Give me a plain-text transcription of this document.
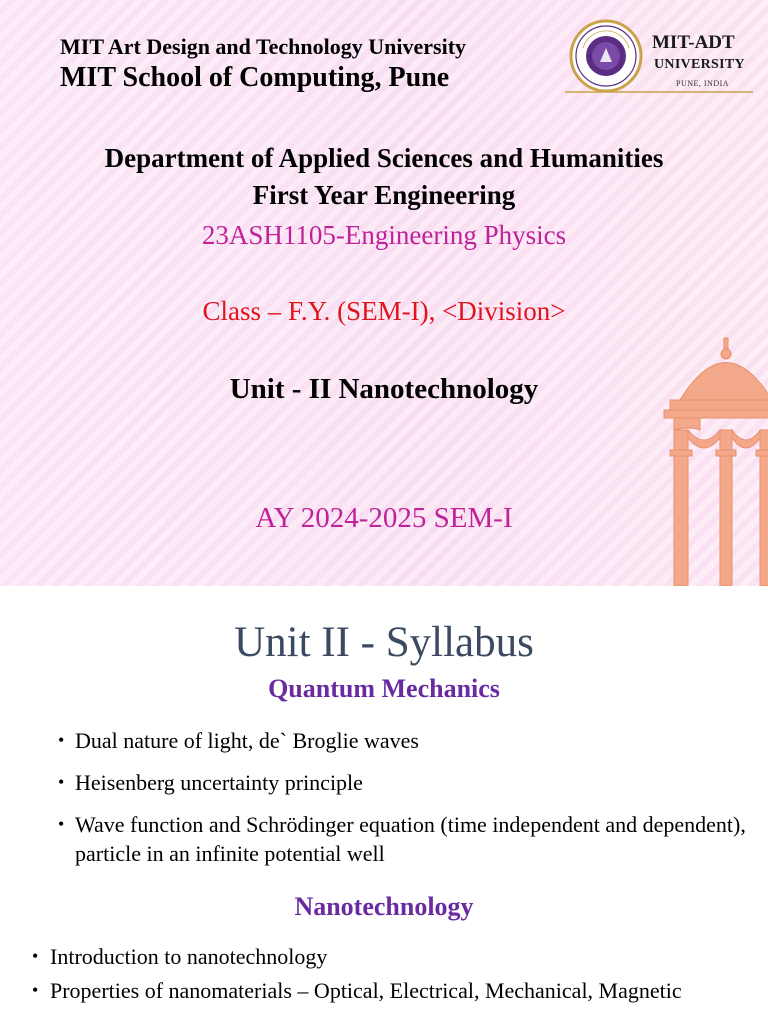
MIT Art Design and Technology University
MIT School of Computing, Pune
MIT-ADT
UNIVERSITY
PUNE, INDIA
Department of Applied Sciences and Humanities
First Year Engineering
23ASH1105-Engineering Physics
Class – F.Y. (SEM-I), <Division>
Unit - II Nanotechnology
AY 2024-2025 SEM-I
Unit II - Syllabus
Quantum Mechanics
• Dual nature of light, de` Broglie waves
• Heisenberg uncertainty principle
• Wave function and Schrödinger equation (time independent and dependent), particle in an infinite potential well
Nanotechnology
• Introduction to nanotechnology
• Properties of nanomaterials – Optical, Electrical, Mechanical, Magnetic
